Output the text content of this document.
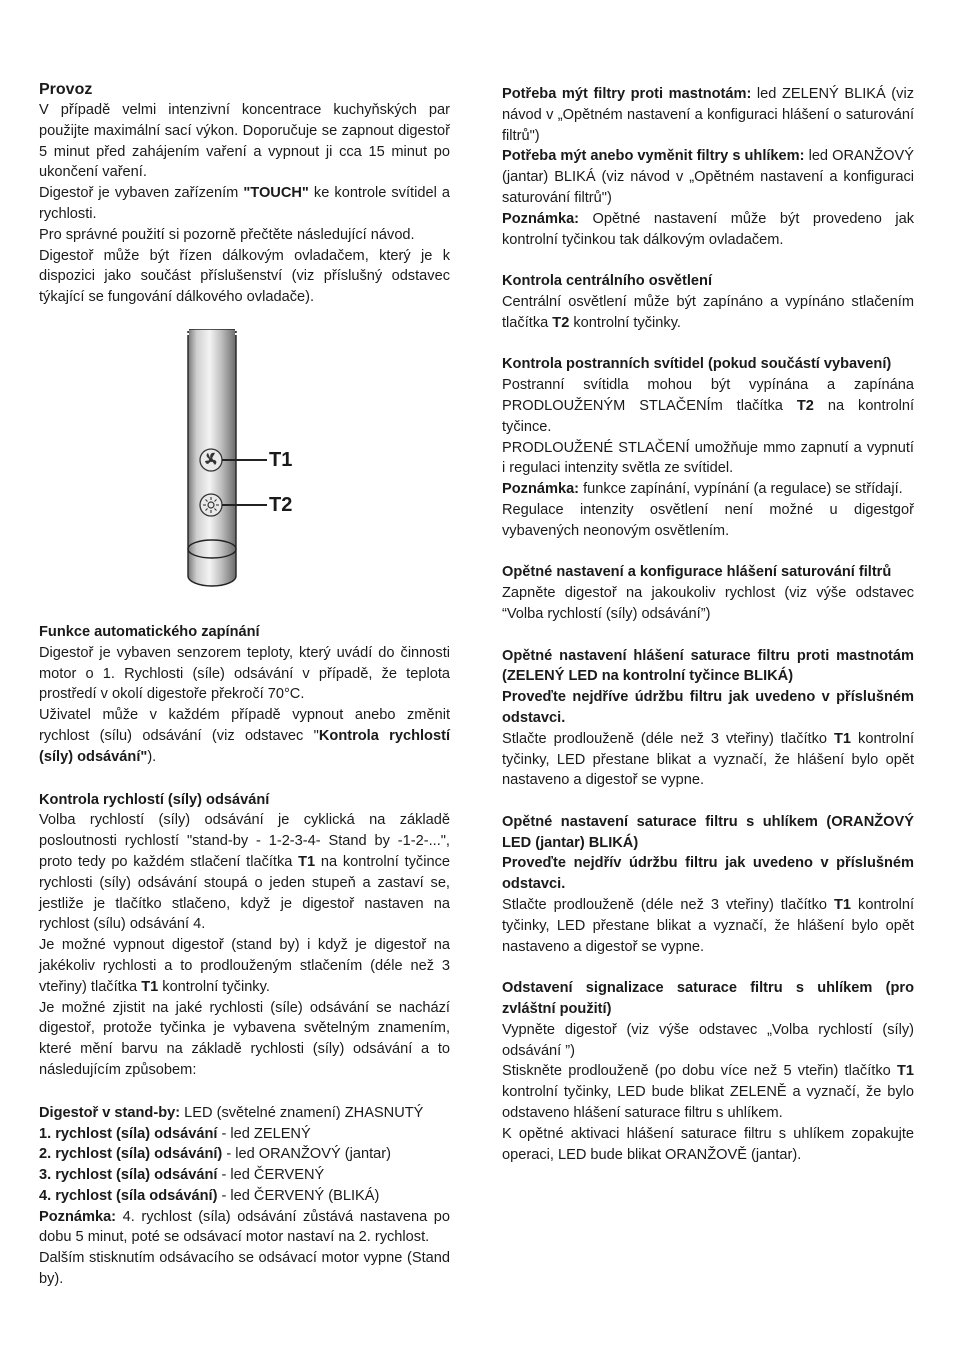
Provoz

V případě velmi intenzivní koncentrace kuchyňských par použijte maximální sací výkon. Doporučuje se zapnout digestoř 5 minut před zahájením vaření a vypnout ji cca 15 minut po ukončení vaření.

Digestoř je vybaven zařízením "TOUCH" ke kontrole svítidel a rychlosti.

Pro správné použití si pozorně přečtěte následující návod.

Digestoř může být řízen dálkovým ovladačem, který je k dispozici jako součást příslušenství (viz příslušný odstavec týkající se fungování dálkového ovladače).

T1
T2

Funkce automatického zapínání

Digestoř je vybaven senzorem teploty, který uvádí do činnosti motor o 1. Rychlosti (síle) odsávání v případě, že teplota prostředí v okolí digestoře překročí 70°C.

Uživatel může v každém případě vypnout anebo změnit rychlost (sílu) odsávání (viz odstavec "Kontrola rychlostí (síly) odsávání").

Kontrola rychlostí (síly) odsávání

Volba rychlostí (síly) odsávání je cyklická na základě posloutnosti rychlostí "stand-by - 1-2-3-4- Stand by -1-2-...", proto tedy po každém stlačení tlačítka T1 na kontrolní tyčince rychlosti (síly) odsávání stoupá o jeden stupeň a zastaví se, jestliže je tlačítko stlačeno, když je digestoř nastaven na rychlost (sílu) odsávání 4.

Je možné vypnout digestoř (stand by) i když je digestoř na jakékoliv rychlosti a to prodlouženým stlačením (déle než 3 vteřiny) tlačítka T1 kontrolní tyčinky.

Je možné zjistit na jaké rychlosti (síle) odsávání se nachází digestoř, protože tyčinka je vybavena světelným znamením, které mění barvu na základě rychlosti (síly) odsávání a to následujícím způsobem:

Digestoř v stand-by: LED (světelné znamení) ZHASNUTÝ

1. rychlost (síla) odsávání - led ZELENÝ

2. rychlost (síla) odsávání) - led ORANŽOVÝ (jantar)

3. rychlost (síla) odsávání - led ČERVENÝ

4. rychlost (síla odsávání) - led ČERVENÝ (BLIKÁ)

Poznámka: 4. rychlost (síla) odsávání zůstává nastavena po dobu 5 minut, poté se odsávací motor nastaví na 2. rychlost.

Dalším stisknutím odsávacího se odsávací motor vypne (Stand by).

Potřeba mýt filtry proti mastnotám: led ZELENÝ BLIKÁ (viz návod v „Opětném nastavení a konfiguraci hlášení o saturování filtrů")

Potřeba mýt anebo vyměnit filtry s uhlíkem: led ORANŽOVÝ (jantar) BLIKÁ (viz návod v „Opětném nastavení a konfiguraci saturování filtrů")

Poznámka: Opětné nastavení může být provedeno jak kontrolní tyčinkou tak dálkovým ovladačem.

Kontrola centrálního osvětlení

Centrální osvětlení může být zapínáno a vypínáno stlačením tlačítka T2 kontrolní tyčinky.

Kontrola postranních svítidel (pokud součástí vybavení)

Postranní svítidla mohou být vypínána a zapínána PRODLOUŽENÝM STLAČENÍm tlačítka T2 na kontrolní tyčince.

PRODLOUŽENÉ STLAČENÍ umožňuje mmo zapnutí a vypnutí i regulaci intenzity světla ze svítidel.

Poznámka: funkce zapínání, vypínání (a regulace) se střídají.

Regulace intenzity osvětlení není možné u digestgoř vybavených neonovým osvětlením.

Opětné nastavení a konfigurace hlášení saturování filtrů

Zapněte digestoř na jakoukoliv rychlost (viz výše odstavec “Volba rychlostí (síly) odsávání”)

Opětné nastavení hlášení saturace filtru proti mastnotám (ZELENÝ LED na kontrolní tyčince BLIKÁ)

Proveďte nejdříve údržbu filtru jak uvedeno v příslušném odstavci.

Stlačte prodlouženě (déle než 3 vteřiny) tlačítko T1 kontrolní tyčinky, LED přestane blikat a vyznačí, že hlášení bylo opět nastaveno a digestoř se vypne.

Opětné nastavení saturace filtru s uhlíkem (ORANŽOVÝ LED (jantar) BLIKÁ)

Proveďte nejdřív údržbu filtru jak uvedeno v příslušném odstavci.

Stlačte prodlouženě (déle než 3 vteřiny) tlačítko T1 kontrolní tyčinky, LED přestane blikat a vyznačí, že hlášení bylo opět nastaveno a digestoř se vypne.

Odstavení signalizace saturace filtru s uhlíkem (pro zvláštní použití)

Vypněte digestoř (viz výše odstavec „Volba rychlostí (síly) odsávání ”)

Stiskněte prodlouženě (po dobu více než 5 vteřin) tlačítko T1 kontrolní tyčinky, LED bude blikat ZELENĚ a vyznačí, že bylo odstaveno hlášení saturace filtru s uhlíkem.

K opětné aktivaci hlášení saturace filtru s uhlíkem zopakujte operaci, LED bude blikat ORANŽOVĚ (jantar).
